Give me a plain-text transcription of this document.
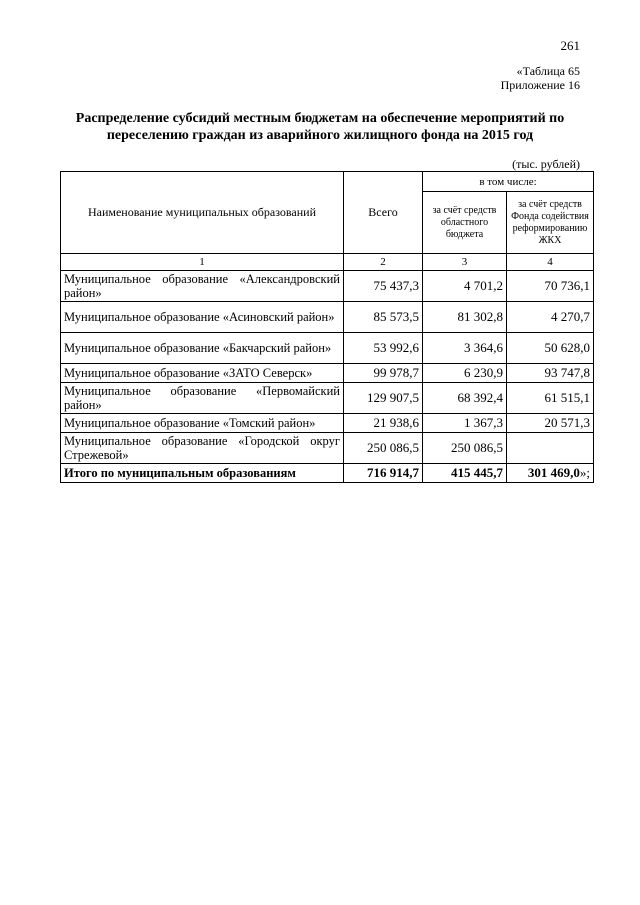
261
«Таблица 65
Приложение 16
Распределение субсидий местным бюджетам на обеспечение мероприятий по
переселению граждан из аварийного жилищного фонда на 2015 год
(тыс. рублей)
Наименование муниципальных образований	Всего	в том числе:	
		за счёт средств областного бюджета	за счёт средств Фонда содействия реформированию ЖКХ
1	2	3	4
Муниципальное образование «Александровский район»	75 437,3	4 701,2	70 736,1
Муниципальное образование «Асиновский район»	85 573,5	81 302,8	4 270,7
Муниципальное образование «Бакчарский район»	53 992,6	3 364,6	50 628,0
Муниципальное образование «ЗАТО Северск»	99 978,7	6 230,9	93 747,8
Муниципальное образование «Первомайский район»	129 907,5	68 392,4	61 515,1
Муниципальное образование «Томский район»	21 938,6	1 367,3	20 571,3
Муниципальное образование «Городской округ Стрежевой»	250 086,5	250 086,5	
Итого по муниципальным образованиям	716 914,7	415 445,7	301 469,0»;
